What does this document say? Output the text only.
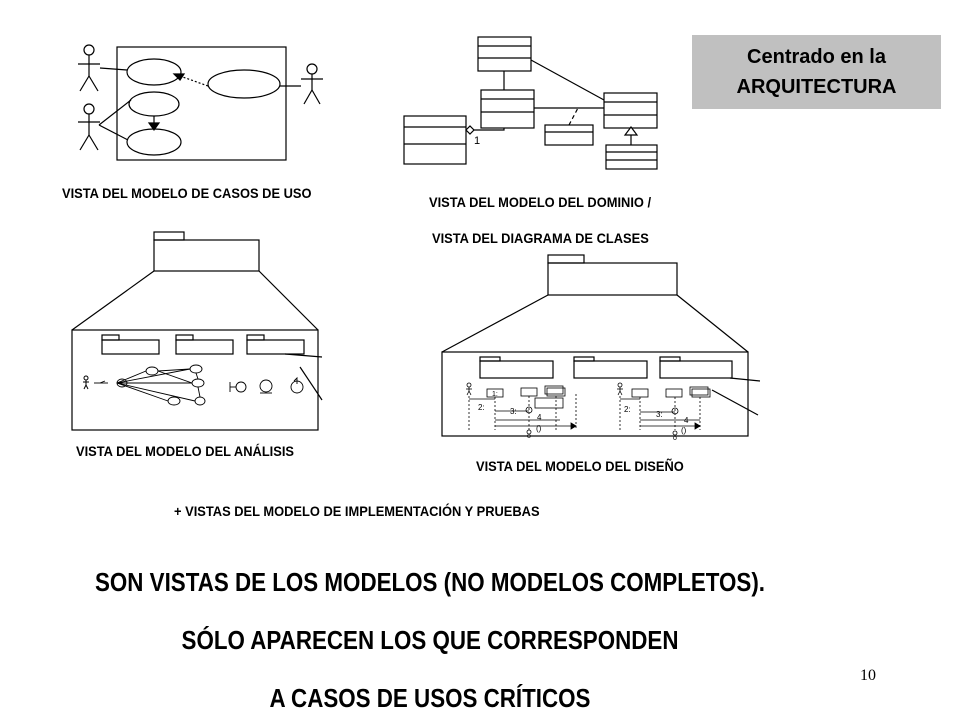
1
1:
2:	3:
4
()
o
2:
3:
4
()
o
Centrado en la
ARQUITECTURA
VISTA DEL MODELO DE CASOS DE USO
VISTA DEL MODELO DEL DOMINIO /
VISTA DEL DIAGRAMA DE CLASES
VISTA DEL MODELO DEL ANÁLISIS
VISTA DEL MODELO DEL DISEÑO
+ VISTAS DEL MODELO DE IMPLEMENTACIÓN Y PRUEBAS
SON VISTAS DE LOS MODELOS (NO MODELOS COMPLETOS).
SÓLO APARECEN LOS QUE CORRESPONDEN
A CASOS DE USOS CRÍTICOS
10
